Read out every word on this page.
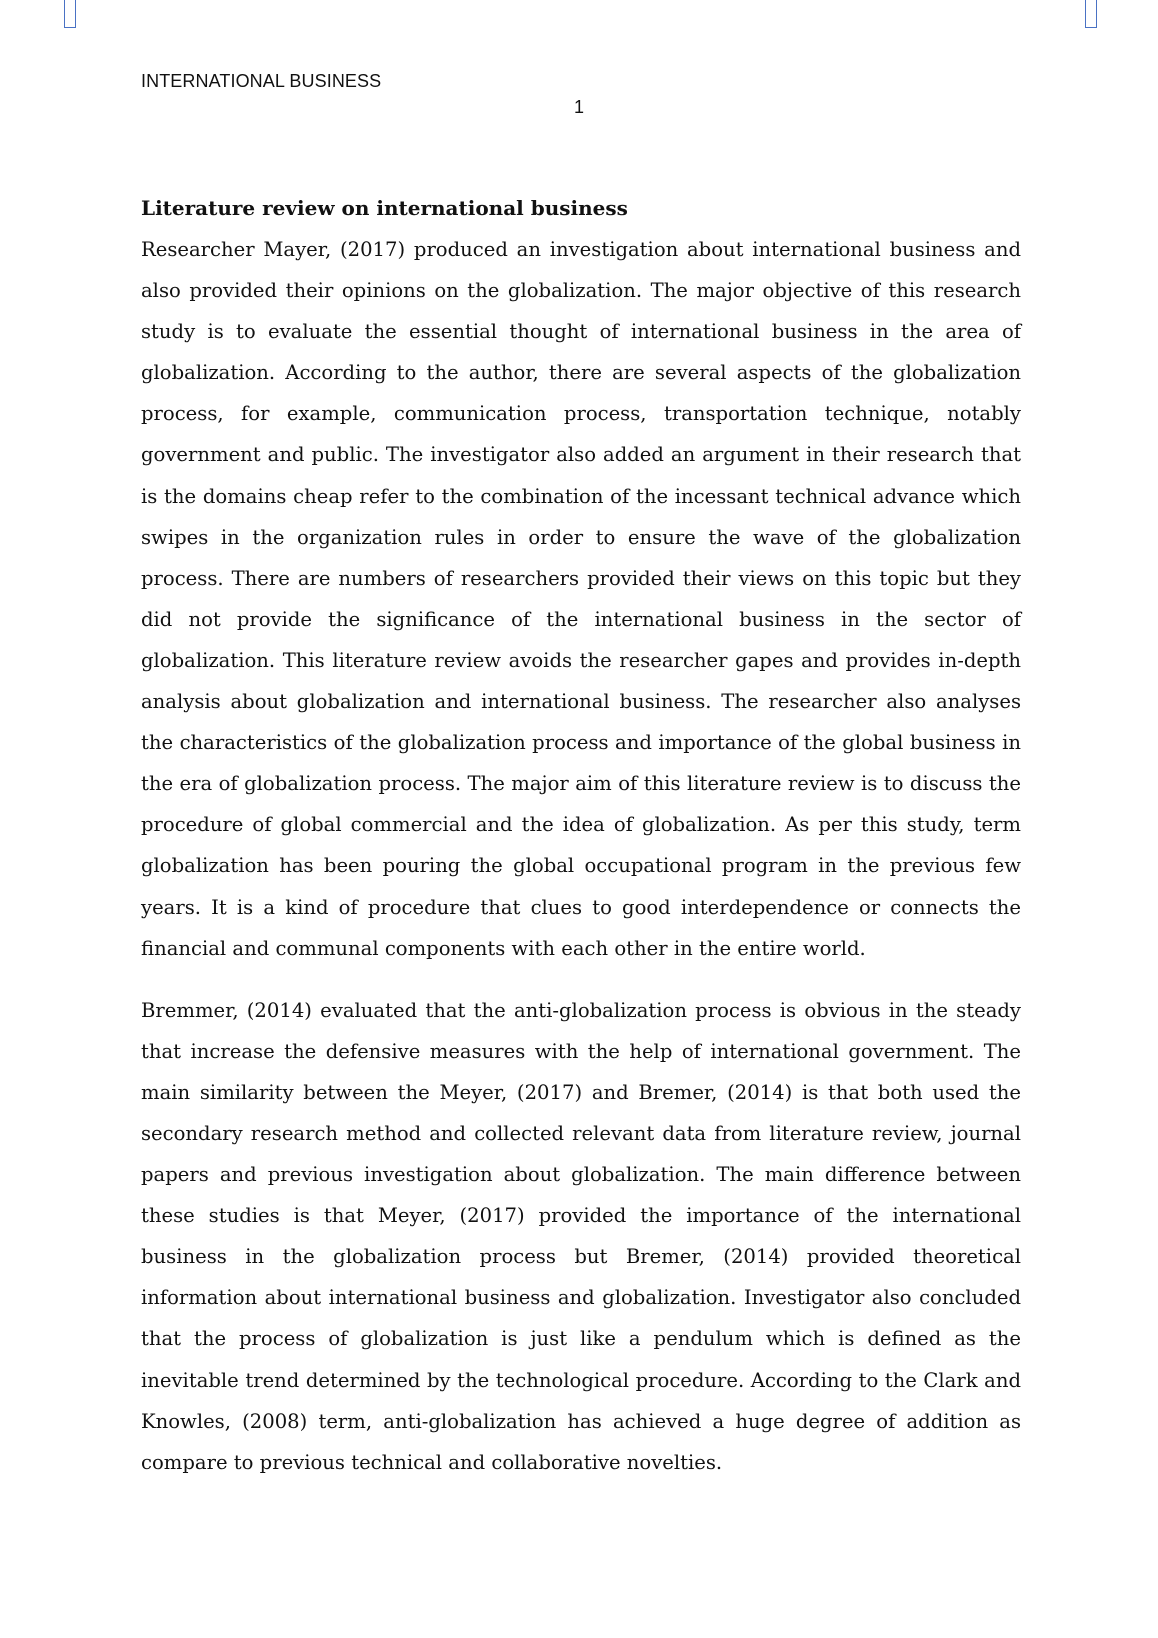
INTERNATIONAL BUSINESS
1
Literature review on international business

Researcher Mayer, (2017) produced an investigation about international business and also provided their opinions on the globalization. The major objective of this research study is to evaluate the essential thought of international business in the area of globalization. According to the author, there are several aspects of the globalization process, for example, communication process, transportation technique, notably government and public. The investigator also added an argument in their research that is the domains cheap refer to the combination of the incessant technical advance which swipes in the organization rules in order to ensure the wave of the globalization process. There are numbers of researchers provided their views on this topic but they did not provide the significance of the international business in the sector of globalization. This literature review avoids the researcher gapes and provides in-depth analysis about globalization and international business. The researcher also analyses the characteristics of the globalization process and importance of the global business in the era of globalization process. The major aim of this literature review is to discuss the procedure of global commercial and the idea of globalization. As per this study, term globalization has been pouring the global occupational program in the previous few years. It is a kind of procedure that clues to good interdependence or connects the financial and communal components with each other in the entire world.

Bremmer, (2014) evaluated that the anti-globalization process is obvious in the steady that increase the defensive measures with the help of international government. The main similarity between the Meyer, (2017) and Bremer, (2014) is that both used the secondary research method and collected relevant data from literature review, journal papers and previous investigation about globalization. The main difference between these studies is that Meyer, (2017) provided the importance of the international business in the globalization process but Bremer, (2014) provided theoretical information about international business and globalization. Investigator also concluded that the process of globalization is just like a pendulum which is defined as the inevitable trend determined by the technological procedure. According to the Clark and Knowles, (2008) term, anti-globalization has achieved a huge degree of addition as compare to previous technical and collaborative novelties.
